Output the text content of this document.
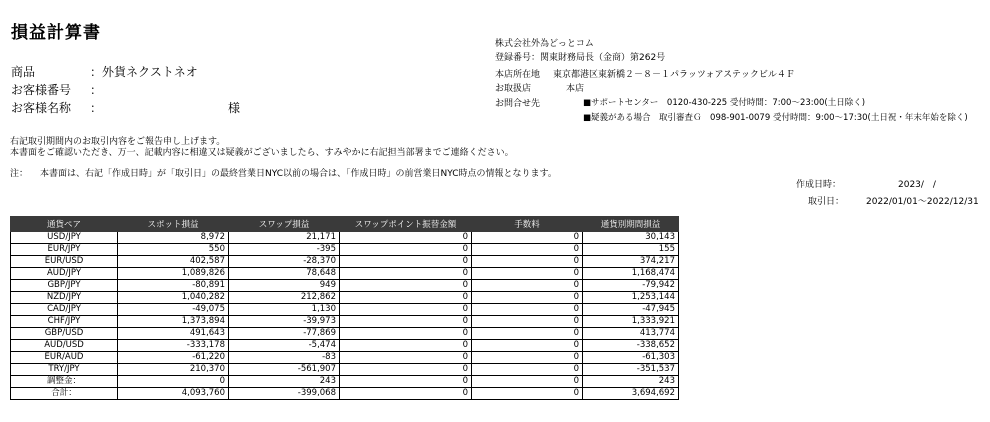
損益計算書
商品	：外貨ネクストネオ
お客様番号 ：
お客様名称 ：	様
株式会社外為どっとコム
登録番号：関東財務局長（金商）第262号
本店所在地 東京都港区東新橋２－８－１パラッツォアステックビル４Ｆ
お取扱店	本店
お問合せ先	■サポートセンター　0120-430-225 受付時間：7:00～23:00(土日除く)
■疑義がある場合　取引審査Ｇ　098-901-0079 受付時間：9:00～17:30(土日祝・年末年始を除く)
右記取引期間内のお取引内容をご報告申し上げます。
本書面をご確認いただき、万一、記載内容に相違又は疑義がございましたら、すみやかに右記担当部署までご連絡ください。
注： 本書面は、右記「作成日時」が「取引日」の最終営業日NYC以前の場合は、「作成日時」の前営業日NYC時点の情報となります。
作成日時：	2023/　/
取引日： 2022/01/01～2022/12/31
通貨ペア	スポット損益	スワップ損益	スワップポイント振替金額	手数料	通貨別期間損益
USD/JPY	8,972	21,171	0	0	30,143
EUR/JPY	550	-395	0	0	155
EUR/USD	402,587	-28,370	0	0	374,217
AUD/JPY	1,089,826	78,648	0	0	1,168,474
GBP/JPY	-80,891	949	0	0	-79,942
NZD/JPY	1,040,282	212,862	0	0	1,253,144
CAD/JPY	-49,075	1,130	0	0	-47,945
CHF/JPY	1,373,894	-39,973	0	0	1,333,921
GBP/USD	491,643	-77,869	0	0	413,774
AUD/USD	-333,178	-5,474	0	0	-338,652
EUR/AUD	-61,220	-83	0	0	-61,303
TRY/JPY	210,370	-561,907	0	0	-351,537
調整金：	0	243	0	0	243
合計：	4,093,760	-399,068	0	0	3,694,692
